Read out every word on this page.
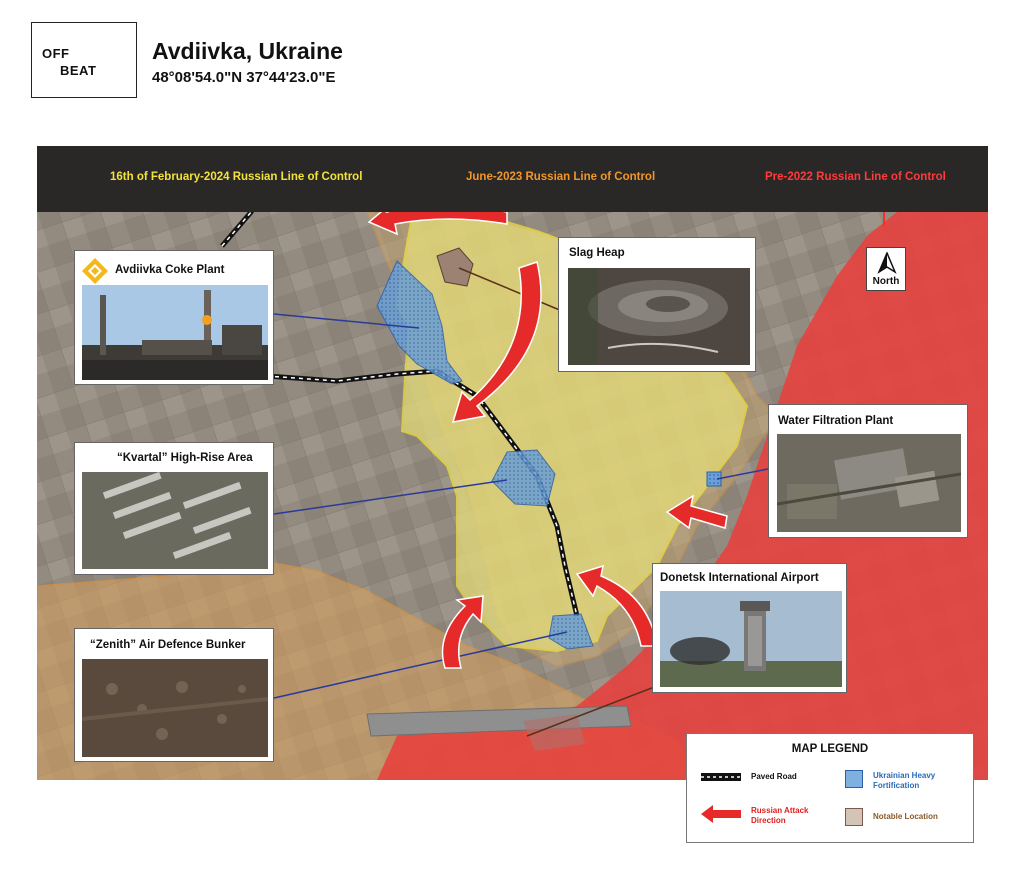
OFF
BEAT
Avdiivka, Ukraine
48°08'54.0"N 37°44'23.0"E
16th of February-2024 Russian Line of Control	June-2023 Russian Line of Control	Pre-2022 Russian Line of Control
Avdiivka Coke Plant
Slag Heap
Water Filtration Plant
“Kvartal” High-Rise Area
Donetsk International Airport
“Zenith” Air Defence Bunker
North
MAP LEGEND
Paved Road
Russian Attack Direction
Ukrainian Heavy Fortification
Notable Location
